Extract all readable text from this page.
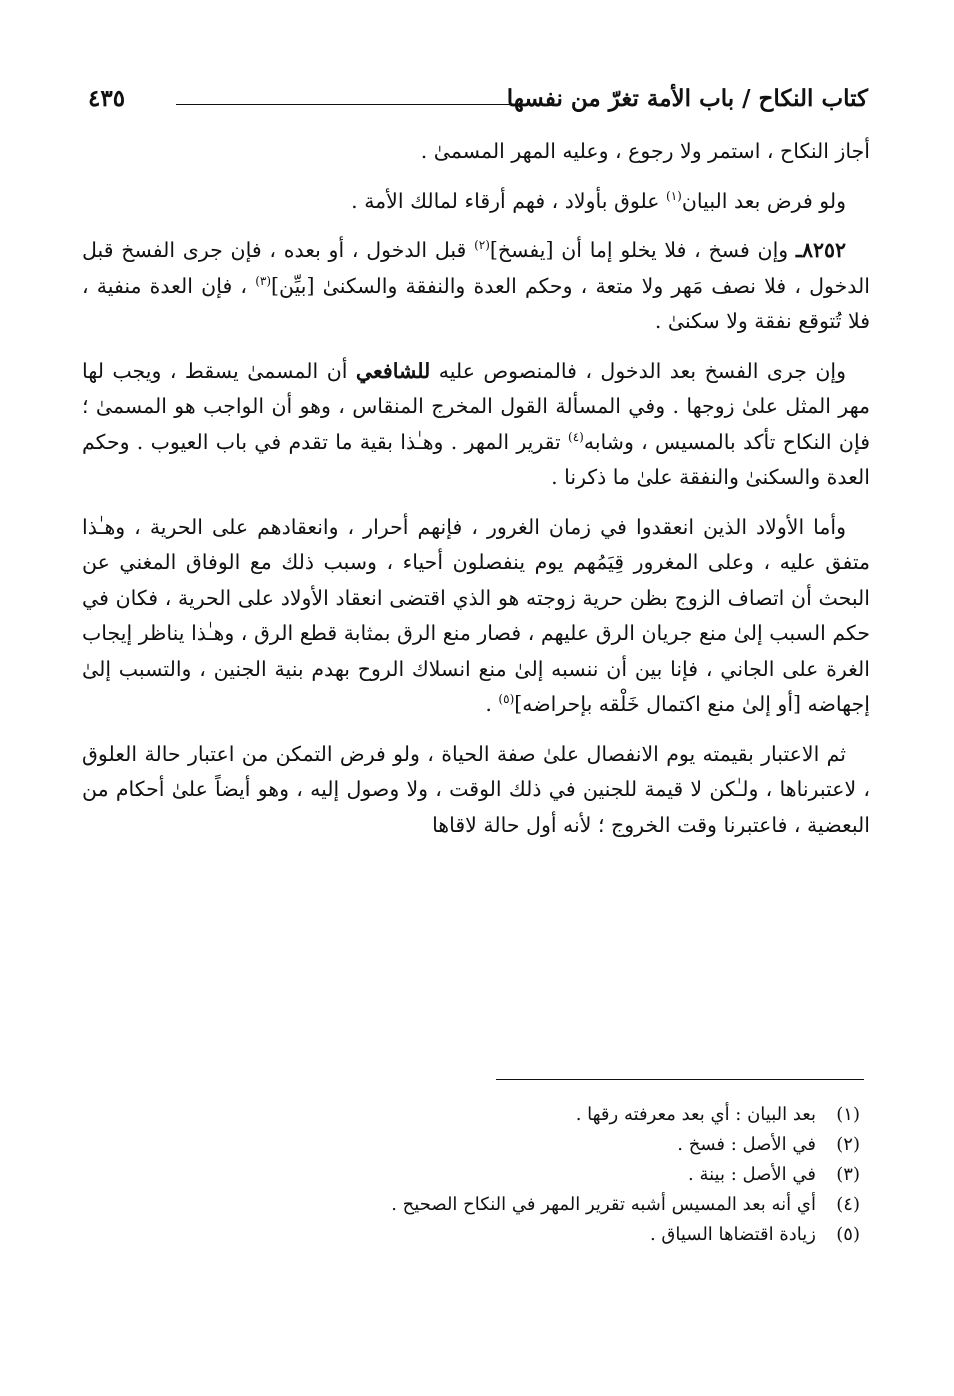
كتاب النكاح / باب الأمة تغرّ من نفسها
٤٣٥

أجاز النكاح ، استمر ولا رجوع ، وعليه المهر المسمىٰ .

ولو فرض بعد البيان$^{(١)}$ علوق بأولاد ، فهم أرقاء لمالك الأمة .

٨٢٥٢ـ وإن فسخ ، فلا يخلو إما أن [يفسخ]$^{(٢)}$ قبل الدخول ، أو بعده ، فإن جرى الفسخ قبل الدخول ، فلا نصف مَهر ولا متعة ، وحكم العدة والنفقة والسكنىٰ [بيِّن]$^{(٣)}$ ، فإن العدة منفية ، فلا تُتوقع نفقة ولا سكنىٰ .

وإن جرى الفسخ بعد الدخول ، فالمنصوص عليه للشافعي أن المسمىٰ يسقط ، ويجب لها مهر المثل علىٰ زوجها . وفي المسألة القول المخرج المنقاس ، وهو أن الواجب هو المسمىٰ ؛ فإن النكاح تأكد بالمسيس ، وشابه$^{(٤)}$ تقرير المهر . وهـٰذا بقية ما تقدم في باب العيوب . وحكم العدة والسكنىٰ والنفقة علىٰ ما ذكرنا .

وأما الأولاد الذين انعقدوا في زمان الغرور ، فإنهم أحرار ، وانعقادهم على الحرية ، وهـٰذا متفق عليه ، وعلى المغرور قِيَمُهم يوم ينفصلون أحياء ، وسبب ذلك مع الوفاق المغني عن البحث أن اتصاف الزوج بظن حرية زوجته هو الذي اقتضى انعقاد الأولاد على الحرية ، فكان في حكم السبب إلىٰ منع جريان الرق عليهم ، فصار منع الرق بمثابة قطع الرق ، وهـٰذا يناظر إيجاب الغرة على الجاني ، فإنا بين أن ننسبه إلىٰ منع انسلاك الروح بهدم بنية الجنين ، والتسبب إلىٰ إجهاضه [أو إلىٰ منع اكتمال خَلْقه بإحراضه]$^{(٥)}$ .

ثم الاعتبار بقيمته يوم الانفصال علىٰ صفة الحياة ، ولو فرض التمكن من اعتبار حالة العلوق ، لاعتبرناها ، ولـٰكن لا قيمة للجنين في ذلك الوقت ، ولا وصول إليه ، وهو أيضاً علىٰ أحكام من البعضية ، فاعتبرنا وقت الخروج ؛ لأنه أول حالة لاقاها

(١)بعد البيان : أي بعد معرفته رقها .
(٢)في الأصل : فسخ .
(٣)في الأصل : بينة .
(٤)أي أنه بعد المسيس أشبه تقرير المهر في النكاح الصحيح .
(٥)زيادة اقتضاها السياق .
